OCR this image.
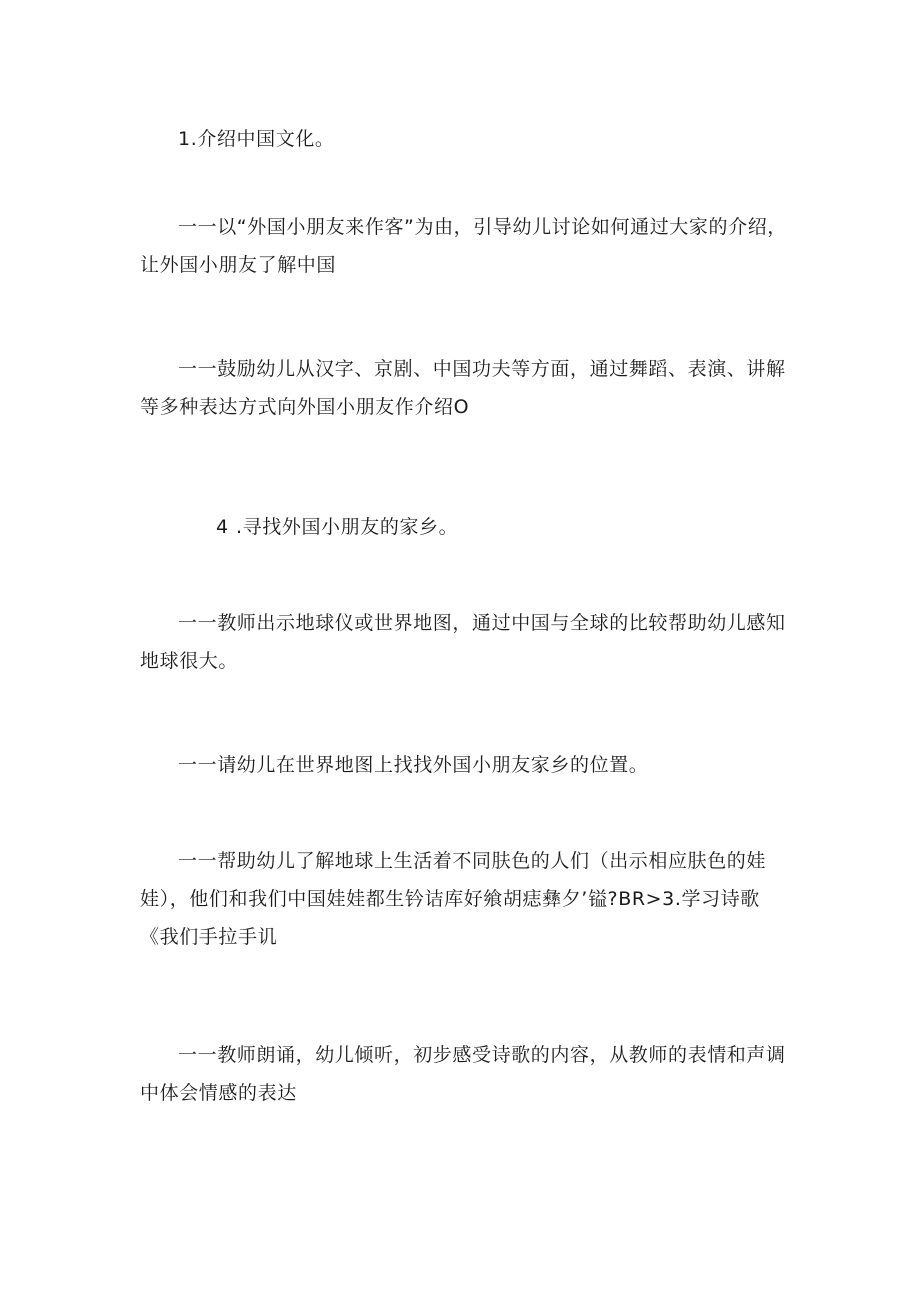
1.介绍中国文化。

一一以“外国小朋友来作客”为由，引导幼儿讨论如何通过大家的介绍，让外国小朋友了解中国

一一鼓励幼儿从汉字、京剧、中国功夫等方面，通过舞蹈、表演、讲解等多种表达方式向外国小朋友作介绍O

4 .寻找外国小朋友的家乡。

一一教师出示地球仪或世界地图，通过中国与全球的比较帮助幼儿感知地球很大。

一一请幼儿在世界地图上找找外国小朋友家乡的位置。

一一帮助幼儿了解地球上生活着不同肤色的人们（出示相应肤色的娃娃），他们和我们中国娃娃都生钤诘库好飨胡痣彝夕’镒?BR>3.学习诗歌《我们手拉手讥

一一教师朗诵，幼儿倾听，初步感受诗歌的内容，从教师的表情和声调中体会情感的表达
